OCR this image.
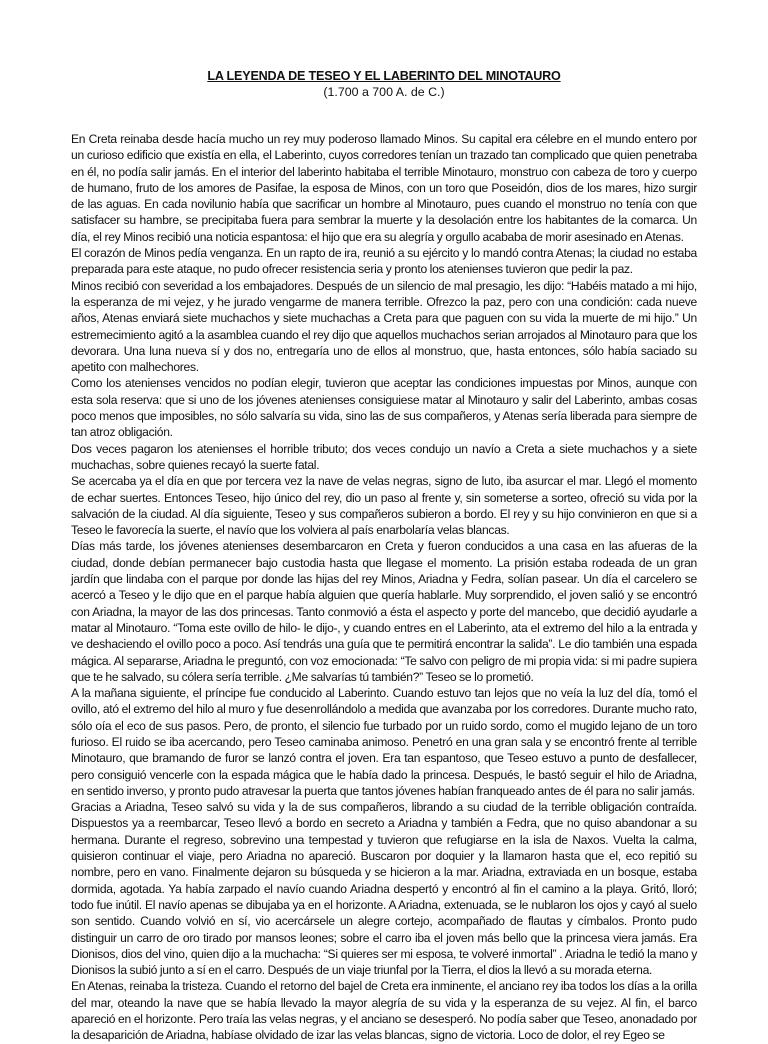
LA LEYENDA DE TESEO Y EL LABERINTO DEL MINOTAURO
(1.700 a 700 A. de C.)

En Creta reinaba desde hacía mucho un rey muy poderoso llamado Minos. Su capital era célebre en el mundo entero por un curioso edificio que existía en ella, el Laberinto, cuyos corredores tenían un trazado tan complicado que quien penetraba en él, no podía salir jamás. En el interior del laberinto habitaba el terrible Minotauro, monstruo con cabeza de toro y cuerpo de humano, fruto de los amores de Pasifae, la esposa de Minos, con un toro que Poseidón, dios de los mares, hizo surgir de las aguas. En cada novilunio había que sacrificar un hombre al Minotauro, pues cuando el monstruo no tenía con que satisfacer su hambre, se precipitaba fuera para sembrar la muerte y la desolación entre los habitantes de la comarca. Un día, el rey Minos recibió una noticia espantosa: el hijo que era su alegría y orgullo acababa de morir asesinado en Atenas.

El corazón de Minos pedía venganza. En un rapto de ira, reunió a su ejército y lo mandó contra Atenas; la ciudad no estaba preparada para este ataque, no pudo ofrecer resistencia seria y pronto los atenienses tuvieron que pedir la paz.

Minos recibió con severidad a los embajadores. Después de un silencio de mal presagio, les dijo: “Habéis matado a mi hijo, la esperanza de mi vejez, y he jurado vengarme de manera terrible. Ofrezco la paz, pero con una condición: cada nueve años, Atenas enviará siete muchachos y siete muchachas a Creta para que paguen con su vida la muerte de mi hijo.” Un estremecimiento agitó a la asamblea cuando el rey dijo que aquellos muchachos serian arrojados al Minotauro para que los devorara. Una luna nueva sí y dos no, entregaría uno de ellos al monstruo, que, hasta entonces, sólo había saciado su apetito con malhechores.

Como los atenienses vencidos no podían elegir, tuvieron que aceptar las condiciones impuestas por Minos, aunque con esta sola reserva: que si uno de los jóvenes atenienses consiguiese matar al Minotauro y salir del Laberinto, ambas cosas poco menos que imposibles, no sólo salvaría su vida, sino las de sus compañeros, y Atenas sería liberada para siempre de tan atroz obligación.

Dos veces pagaron los atenienses el horrible tributo; dos veces condujo un navío a Creta a siete muchachos y a siete muchachas, sobre quienes recayó la suerte fatal.

Se acercaba ya el día en que por tercera vez la nave de velas negras, signo de luto, iba asurcar el mar. Llegó el momento de echar suertes. Entonces Teseo, hijo único del rey, dio un paso al frente y, sin someterse a sorteo, ofreció su vida por la salvación de la ciudad. Al día siguiente, Teseo y sus compañeros subieron a bordo. El rey y su hijo convinieron en que si a Teseo le favorecía la suerte, el navío que los volviera al país enarbolaría velas blancas.

Días más tarde, los jóvenes atenienses desembarcaron en Creta y fueron conducidos a una casa en las afueras de la ciudad, donde debían permanecer bajo custodia hasta que llegase el momento. La prisión estaba rodeada de un gran jardín que lindaba con el parque por donde las hijas del rey Minos, Ariadna y Fedra, solían pasear. Un día el carcelero se acercó a Teseo y le dijo que en el parque había alguien que quería hablarle. Muy sorprendido, el joven salió y se encontró con Ariadna, la mayor de las dos princesas. Tanto conmovió a ésta el aspecto y porte del mancebo, que decidió ayudarle a matar al Minotauro. “Toma este ovillo de hilo- le dijo-, y cuando entres en el Laberinto, ata el extremo del hilo a la entrada y ve deshaciendo el ovillo poco a poco. Así tendrás una guía que te permitirá encontrar la salida”. Le dio también una espada mágica. Al separarse, Ariadna le preguntó, con voz emocionada: “Te salvo con peligro de mi propia vida: si mi padre supiera que te he salvado, su cólera sería terrible. ¿Me salvarías tú también?” Teseo se lo prometió.

A la mañana siguiente, el príncipe fue conducido al Laberinto. Cuando estuvo tan lejos que no veía la luz del día, tomó el ovillo, ató el extremo del hilo al muro y fue desenrollándolo a medida que avanzaba por los corredores. Durante mucho rato, sólo oía el eco de sus pasos. Pero, de pronto, el silencio fue turbado por un ruido sordo, como el mugido lejano de un toro furioso. El ruido se iba acercando, pero Teseo caminaba animoso. Penetró en una gran sala y se encontró frente al terrible Minotauro, que bramando de furor se lanzó contra el joven. Era tan espantoso, que Teseo estuvo a punto de desfallecer, pero consiguió vencerle con la espada mágica que le había dado la princesa. Después, le bastó seguir el hilo de Ariadna, en sentido inverso, y pronto pudo atravesar la puerta que tantos jóvenes habían franqueado antes de él para no salir jamás.

Gracias a Ariadna, Teseo salvó su vida y la de sus compañeros, librando a su ciudad de la terrible obligación contraída. Dispuestos ya a reembarcar, Teseo llevó a bordo en secreto a Ariadna y también a Fedra, que no quiso abandonar a su hermana. Durante el regreso, sobrevino una tempestad y tuvieron que refugiarse en la isla de Naxos. Vuelta la calma, quisieron continuar el viaje, pero Ariadna no apareció. Buscaron por doquier y la llamaron hasta que el, eco repitió su nombre, pero en vano. Finalmente dejaron su búsqueda y se hicieron a la mar. Ariadna, extraviada en un bosque, estaba dormida, agotada. Ya había zarpado el navío cuando Ariadna despertó y encontró al fin el camino a la playa. Gritó, lloró; todo fue inútil. El navío apenas se dibujaba ya en el horizonte. A Ariadna, extenuada, se le nublaron los ojos y cayó al suelo son sentido. Cuando volvió en sí, vio acercársele un alegre cortejo, acompañado de flautas y címbalos. Pronto pudo distinguir un carro de oro tirado por mansos leones; sobre el carro iba el joven más bello que la princesa viera jamás. Era Dionisos, dios del vino, quien dijo a la muchacha: “Si quieres ser mi esposa, te volveré inmortal” . Ariadna le tedió la mano y Dionisos la subió junto a sí en el carro. Después de un viaje triunfal por la Tierra, el dios la llevó a su morada eterna.

En Atenas, reinaba la tristeza. Cuando el retorno del bajel de Creta era inminente, el anciano rey iba todos los días a la orilla del mar, oteando la nave que se había llevado la mayor alegría de su vida y la esperanza de su vejez. Al fin, el barco apareció en el horizonte. Pero traía las velas negras, y el anciano se desesperó. No podía saber que Teseo, anonadado por la desaparición de Ariadna, habíase olvidado de izar las velas blancas, signo de victoria. Loco de dolor, el rey Egeo se
